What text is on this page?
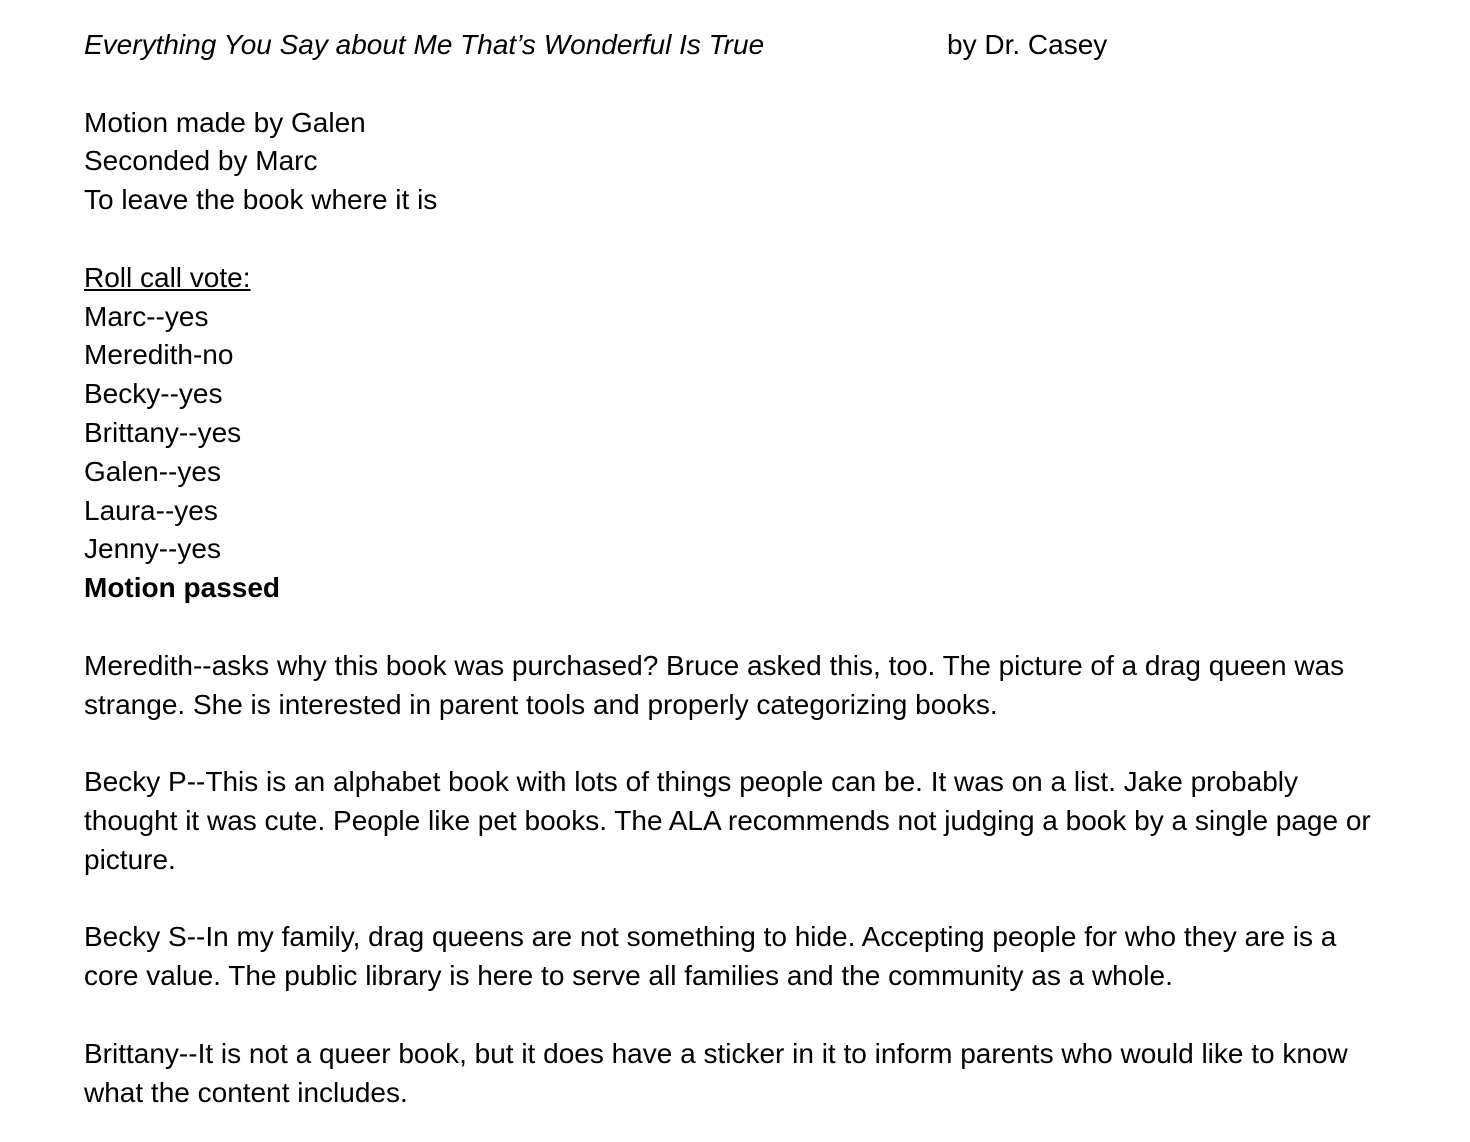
Everything You Say about Me That’s Wonderful Is True	by Dr. Casey
Motion made by Galen
Seconded by Marc
To leave the book where it is
Roll call vote:
Marc--yes
Meredith-no
Becky--yes
Brittany--yes
Galen--yes
Laura--yes
Jenny--yes
Motion passed
Meredith--asks why this book was purchased? Bruce asked this, too. The picture of a drag queen was strange. She is interested in parent tools and properly categorizing books.
Becky P--This is an alphabet book with lots of things people can be. It was on a list. Jake probably thought it was cute. People like pet books. The ALA recommends not judging a book by a single page or picture.
Becky S--In my family, drag queens are not something to hide. Accepting people for who they are is a core value. The public library is here to serve all families and the community as a whole.
Brittany--It is not a queer book, but it does have a sticker in it to inform parents who would like to know what the content includes.
